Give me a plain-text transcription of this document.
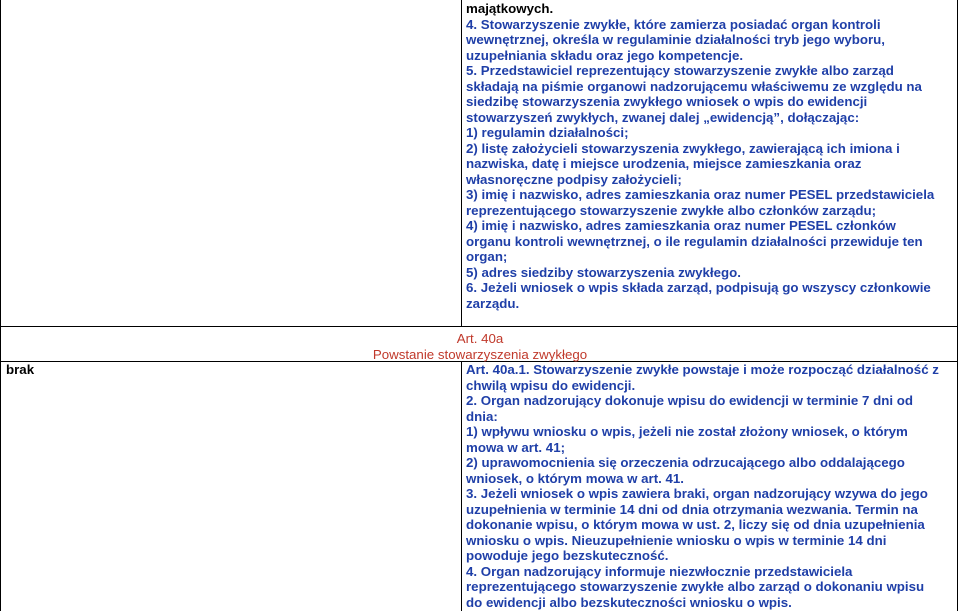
majątkowych.
4. Stowarzyszenie zwykłe, które zamierza posiadać organ kontroli
wewnętrznej, określa w regulaminie działalności tryb jego wyboru,
uzupełniania składu oraz jego kompetencje.
5. Przedstawiciel reprezentujący stowarzyszenie zwykłe albo zarząd
składają na piśmie organowi nadzorującemu właściwemu ze względu na
siedzibę stowarzyszenia zwykłego wniosek o wpis do ewidencji
stowarzyszeń zwykłych, zwanej dalej „ewidencją”, dołączając:
1) regulamin działalności;
2) listę założycieli stowarzyszenia zwykłego, zawierającą ich imiona i
nazwiska, datę i miejsce urodzenia, miejsce zamieszkania oraz
własnoręczne podpisy założycieli;
3) imię i nazwisko, adres zamieszkania oraz numer PESEL przedstawiciela
reprezentującego stowarzyszenie zwykłe albo członków zarządu;
4) imię i nazwisko, adres zamieszkania oraz numer PESEL członków
organu kontroli wewnętrznej, o ile regulamin działalności przewiduje ten
organ;
5) adres siedziby stowarzyszenia zwykłego.
6. Jeżeli wniosek o wpis składa zarząd, podpisują go wszyscy członkowie
zarządu.
Art. 40a
Powstanie stowarzyszenia zwykłego
brak	Art. 40a.1. Stowarzyszenie zwykłe powstaje i może rozpocząć działalność z
chwilą wpisu do ewidencji.
2. Organ nadzorujący dokonuje wpisu do ewidencji w terminie 7 dni od
dnia:
1) wpływu wniosku o wpis, jeżeli nie został złożony wniosek, o którym
mowa w art. 41;
2) uprawomocnienia się orzeczenia odrzucającego albo oddalającego
wniosek, o którym mowa w art. 41.
3. Jeżeli wniosek o wpis zawiera braki, organ nadzorujący wzywa do jego
uzupełnienia w terminie 14 dni od dnia otrzymania wezwania. Termin na
dokonanie wpisu, o którym mowa w ust. 2, liczy się od dnia uzupełnienia
wniosku o wpis. Nieuzupełnienie wniosku o wpis w terminie 14 dni
powoduje jego bezskuteczność.
4. Organ nadzorujący informuje niezwłocznie przedstawiciela
reprezentującego stowarzyszenie zwykłe albo zarząd o dokonaniu wpisu
do ewidencji albo bezskuteczności wniosku o wpis.
